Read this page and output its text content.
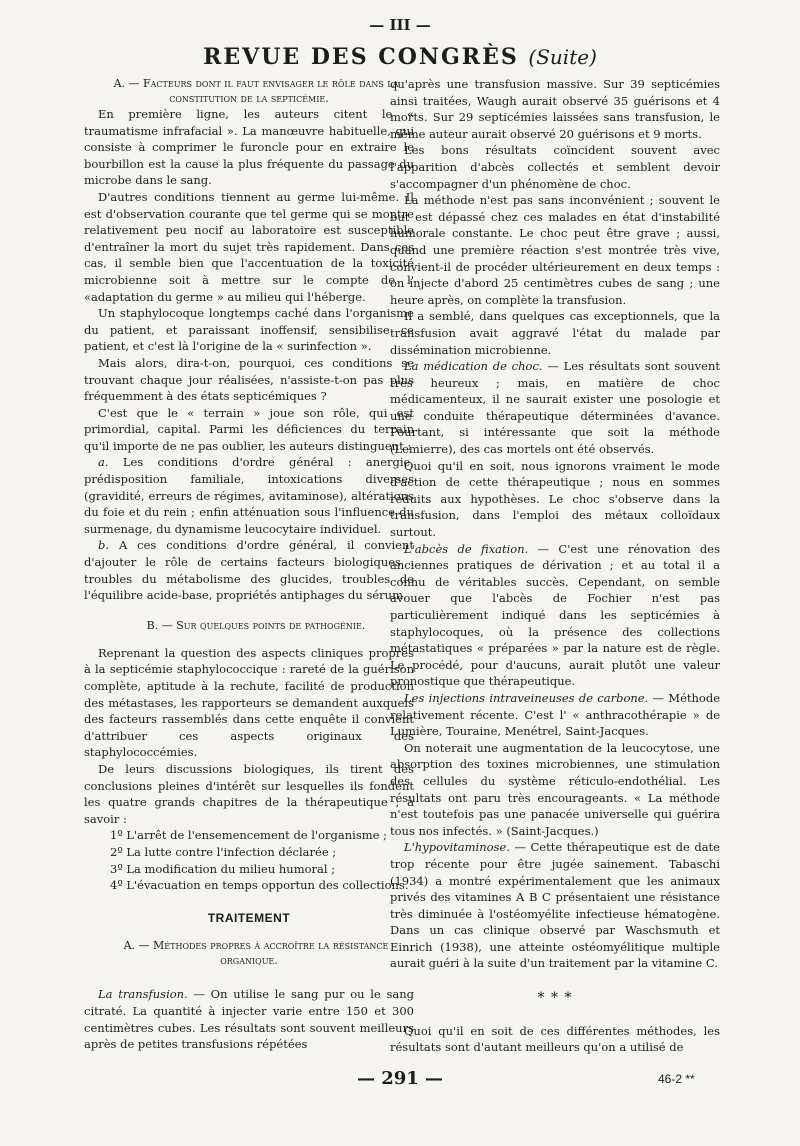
— III —
REVUE DES CONGRÈS (Suite)

A. — Facteurs dont il faut envisager le rôle dans la constitution de la septicémie.

En première ligne, les auteurs citent le « traumatisme infrafacial ». La manœuvre habituelle, qui consiste à comprimer le furoncle pour en extraire le bourbillon est la cause la plus fréquente du passage du microbe dans le sang.

D'autres conditions tiennent au germe lui-même. Il est d'observation courante que tel germe qui se montre relativement peu nocif au laboratoire est susceptible d'entraîner la mort du sujet très rapidement. Dans ces cas, il semble bien que l'accentuation de la toxicité microbienne soit à mettre sur le compte de l' «adaptation du germe » au milieu qui l'héberge.

Un staphylocoque longtemps caché dans l'organisme du patient, et paraissant inoffensif, sensibilise ce patient, et c'est là l'origine de la « surinfection ».

Mais alors, dira-t-on, pourquoi, ces conditions se trouvant chaque jour réalisées, n'assiste-t-on pas plus fréquemment à des états septicémiques ?

C'est que le « terrain » joue son rôle, qui est primordial, capital. Parmi les déficiences du terrain qu'il importe de ne pas oublier, les auteurs distinguent :

a. Les conditions d'ordre général : anergie, prédisposition familiale, intoxications diverses (gravidité, erreurs de régimes, avitaminose), altérations du foie et du rein ; enfin atténuation sous l'influence du surmenage, du dynamisme leucocytaire individuel.

b. A ces conditions d'ordre général, il convient d'ajouter le rôle de certains facteurs biologiques : troubles du métabolisme des glucides, troubles de l'équilibre acide-base, propriétés antiphages du sérum.

B. — Sur quelques points de pathogénie.

Reprenant la question des aspects cliniques propres à la septicémie staphylococcique : rareté de la guérison complète, aptitude à la rechute, facilité de production des métastases, les rapporteurs se demandent auxquels des facteurs rassemblés dans cette enquête il convient d'attribuer ces aspects originaux des staphylococcémies.

De leurs discussions biologiques, ils tirent des conclusions pleines d'intérêt sur lesquelles ils fondent les quatre grands chapitres de la thérapeutique ; à savoir :

1º L'arrêt de l'ensemencement de l'organisme ;

2º La lutte contre l'infection déclarée ;

3º La modification du milieu humoral ;

4º L'évacuation en temps opportun des collections.

TRAITEMENT

A. — Méthodes propres à accroître la résistance organique.

La transfusion. — On utilise le sang pur ou le sang citraté. La quantité à injecter varie entre 150 et 300 centimètres cubes. Les résultats sont souvent meilleurs après de petites transfusions répétées

qu'après une transfusion massive. Sur 39 septicémies ainsi traitées, Waugh aurait observé 35 guérisons et 4 morts. Sur 29 septicémies laissées sans transfusion, le même auteur aurait observé 20 guérisons et 9 morts.

Les bons résultats coïncident souvent avec l'apparition d'abcès collectés et semblent devoir s'accompagner d'un phénomène de choc.

La méthode n'est pas sans inconvénient ; souvent le but est dépassé chez ces malades en état d'instabilité humorale constante. Le choc peut être grave ; aussi, quand une première réaction s'est montrée très vive, convient-il de procéder ultérieurement en deux temps : on injecte d'abord 25 centimètres cubes de sang ; une heure après, on complète la transfusion.

Il a semblé, dans quelques cas exceptionnels, que la transfusion avait aggravé l'état du malade par dissémination microbienne.

La médication de choc. — Les résultats sont souvent très heureux ; mais, en matière de choc médicamenteux, il ne saurait exister une posologie et une conduite thérapeutique déterminées d'avance. Pourtant, si intéressante que soit la méthode (Lemierre), des cas mortels ont été observés.

Quoi qu'il en soit, nous ignorons vraiment le mode d'action de cette thérapeutique ; nous en sommes réduits aux hypothèses. Le choc s'observe dans la transfusion, dans l'emploi des métaux colloïdaux surtout.

L'abcès de fixation. — C'est une rénovation des anciennes pratiques de dérivation ; et au total il a connu de véritables succès. Cependant, on semble avouer que l'abcès de Fochier n'est pas particulièrement indiqué dans les septicémies à staphylocoques, où la présence des collections métastatiques « préparées » par la nature est de règle. Le procédé, pour d'aucuns, aurait plutôt une valeur pronostique que thérapeutique.

Les injections intraveineuses de carbone. — Méthode relativement récente. C'est l' « anthracothérapie » de Lumière, Touraine, Menétrel, Saint-Jacques.

On noterait une augmentation de la leucocytose, une absorption des toxines microbiennes, une stimulation des cellules du système réticulo-endothélial. Les résultats ont paru très encourageants. « La méthode n'est toutefois pas une panacée universelle qui guérira tous nos infectés. » (Saint-Jacques.)

L'hypovitaminose. — Cette thérapeutique est de date trop récente pour être jugée sainement. Tabaschi (1934) a montré expérimentalement que les animaux privés des vitamines A B C présentaient une résistance très diminuée à l'ostéomyélite infectieuse hématogène. Dans un cas clinique observé par Waschsmuth et Einrich (1938), une atteinte ostéomyélitique multiple aurait guéri à la suite d'un traitement par la vitamine C.

* * *

Quoi qu'il en soit de ces différentes méthodes, les résultats sont d'autant meilleurs qu'on a utilisé de

— 291 —	46-2 **
